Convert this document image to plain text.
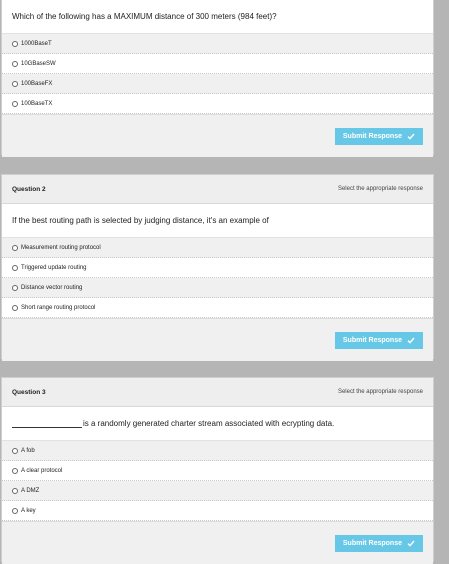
Which of the following has a MAXIMUM distance of 300 meters (984 feet)?
1000BaseT
10GBaseSW
100BaseFX
100BaseTX
Submit Response
Question 2	Select the appropriate response
If the best routing path is selected by judging distance, it's an example of
Measurement routing protocol
Triggered update routing
Distance vector routing
Short range routing protocol
Submit Response
Question 3	Select the appropriate response
is a randomly generated charter stream associated with ecrypting data.
A fob
A clear protocol
A DMZ
A key
Submit Response
